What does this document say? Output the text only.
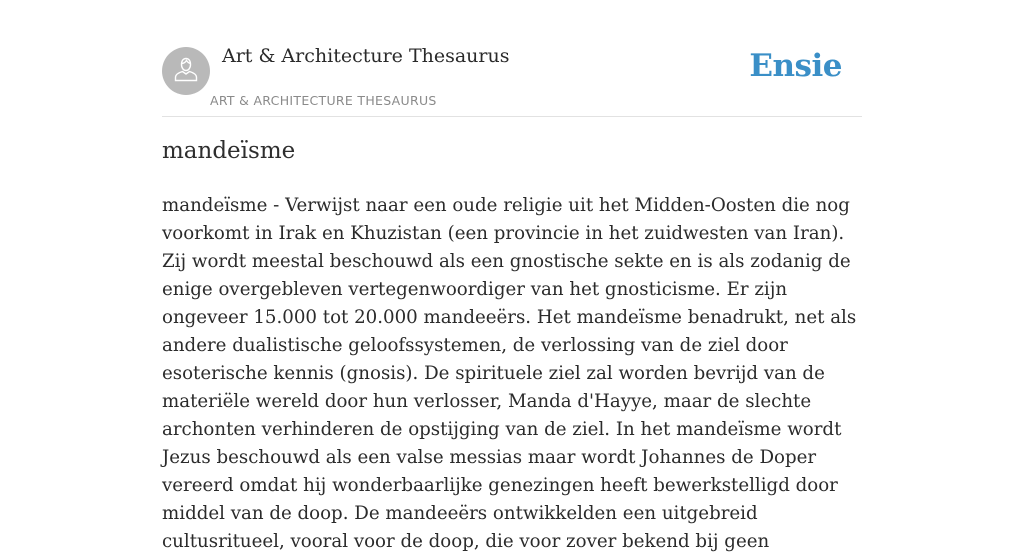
Art & Architecture Thesaurus
ART & ARCHITECTURE THESAURUS
Ensie
mandeïsme

mandeïsme - Verwijst naar een oude religie uit het Midden-Oosten die nog voorkomt in Irak en Khuzistan (een provincie in het zuidwesten van Iran). Zij wordt meestal beschouwd als een gnostische sekte en is als zodanig de enige overgebleven vertegenwoordiger van het gnosticisme. Er zijn ongeveer 15.000 tot 20.000 mandeeërs. Het mandeïsme benadrukt, net als andere dualistische geloofssystemen, de verlossing van de ziel door esoterische kennis (gnosis). De spirituele ziel zal worden bevrijd van de materiële wereld door hun verlosser, Manda d'Hayye, maar de slechte archonten verhinderen de opstijging van de ziel. In het mandeïsme wordt Jezus beschouwd als een valse messias maar wordt Johannes de Doper vereerd omdat hij wonderbaarlijke genezingen heeft bewerkstelligd door middel van de doop. De mandeeërs ontwikkelden een uitgebreid cultusritueel, vooral voor de doop, die voor zover bekend bij geen
